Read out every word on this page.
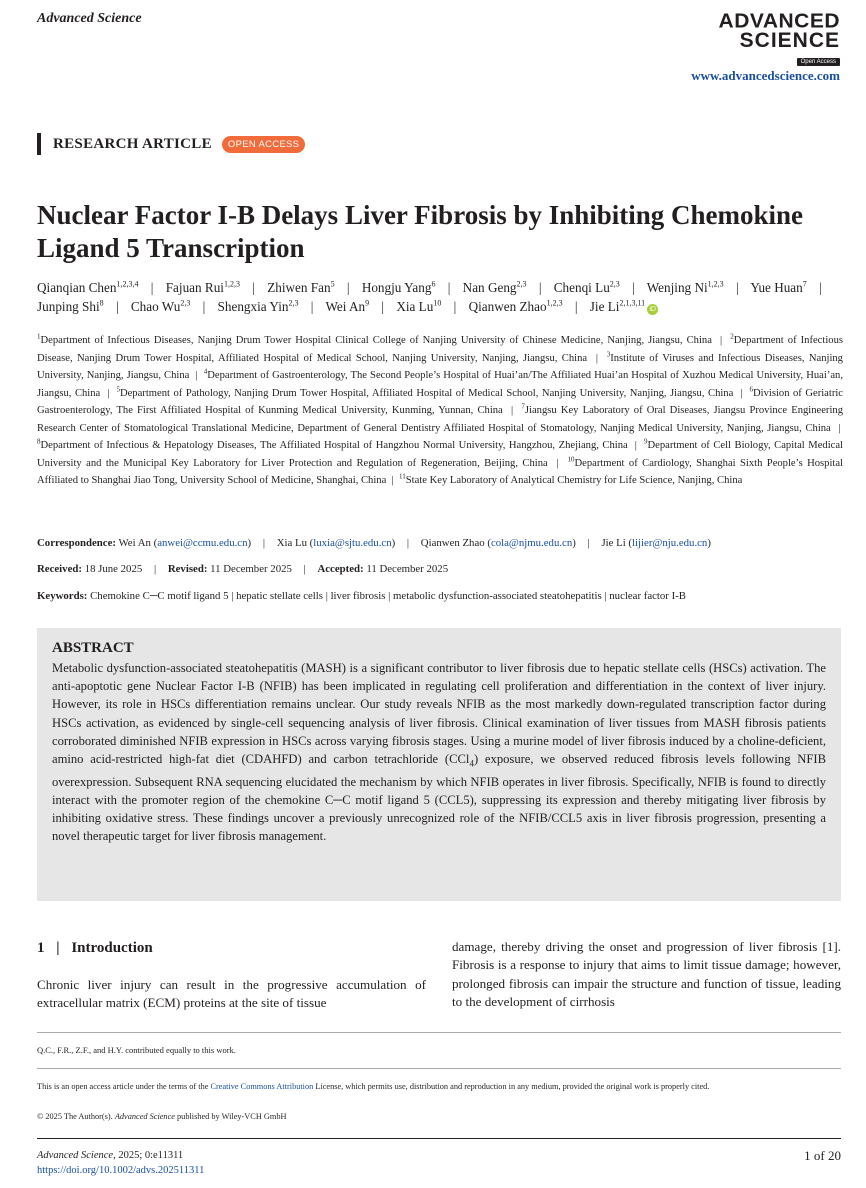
Advanced Science	ADVANCED
SCIENCE
Open Access
www.advancedscience.com
RESEARCH ARTICLE	OPEN ACCESS
Nuclear Factor I-B Delays Liver Fibrosis by Inhibiting Chemokine Ligand 5 Transcription
Qianqian Chen$^{1,2,3,4}$ | Fajuan Rui$^{1,2,3}$ | Zhiwen Fan$^5$ | Hongju Yang$^6$ | Nan Geng$^{2,3}$ | Chenqi Lu$^{2,3}$ | Wenjing Ni$^{1,2,3}$ | Yue Huan$^7$ | Junping Shi$^8$ | Chao Wu$^{2,3}$ | Shengxia Yin$^{2,3}$ | Wei An$^9$ | Xia Lu$^{10}$ | Qianwen Zhao$^{1,2,3}$ | Jie Li$^{2,1,3,11}$iD
$^1$Department of Infectious Diseases, Nanjing Drum Tower Hospital Clinical College of Nanjing University of Chinese Medicine, Nanjing, Jiangsu, China  |  $^2$Department of Infectious Disease, Nanjing Drum Tower Hospital, Affiliated Hospital of Medical School, Nanjing University, Nanjing, Jiangsu, China  |  $^3$Institute of Viruses and Infectious Diseases, Nanjing University, Nanjing, Jiangsu, China  |  $^4$Department of Gastroenterology, The Second People’s Hospital of Huai’an/The Affiliated Huai’an Hospital of Xuzhou Medical University, Huai’an, Jiangsu, China  |  $^5$Department of Pathology, Nanjing Drum Tower Hospital, Affiliated Hospital of Medical School, Nanjing University, Nanjing, Jiangsu, China  |  $^6$Division of Geriatric Gastroenterology, The First Affiliated Hospital of Kunming Medical University, Kunming, Yunnan, China  |  $^7$Jiangsu Key Laboratory of Oral Diseases, Jiangsu Province Engineering Research Center of Stomatological Translational Medicine, Department of General Dentistry Affiliated Hospital of Stomatology, Nanjing Medical University, Nanjing, Jiangsu, China  |  $^8$Department of Infectious & Hepatology Diseases, The Affiliated Hospital of Hangzhou Normal University, Hangzhou, Zhejiang, China  |  $^9$Department of Cell Biology, Capital Medical University and the Municipal Key Laboratory for Liver Protection and Regulation of Regeneration, Beijing, China  |  $^{10}$Department of Cardiology, Shanghai Sixth People’s Hospital Affiliated to Shanghai Jiao Tong, University School of Medicine, Shanghai, China  |  $^{11}$State Key Laboratory of Analytical Chemistry for Life Science, Nanjing, China
Correspondence: Wei An (anwei@ccmu.edu.cn) | Xia Lu (luxia@sjtu.edu.cn) | Qianwen Zhao (cola@njmu.edu.cn) | Jie Li (lijier@nju.edu.cn)
Received: 18 June 2025 | Revised: 11 December 2025 | Accepted: 11 December 2025
Keywords: Chemokine C─C motif ligand 5 | hepatic stellate cells | liver fibrosis | metabolic dysfunction-associated steatohepatitis | nuclear factor I-B
ABSTRACT
Metabolic dysfunction-associated steatohepatitis (MASH) is a significant contributor to liver fibrosis due to hepatic stellate cells (HSCs) activation. The anti-apoptotic gene Nuclear Factor I-B (NFIB) has been implicated in regulating cell proliferation and differentiation in the context of liver injury. However, its role in HSCs differentiation remains unclear. Our study reveals NFIB as the most markedly down-regulated transcription factor during HSCs activation, as evidenced by single-cell sequencing analysis of liver fibrosis. Clinical examination of liver tissues from MASH fibrosis patients corroborated diminished NFIB expression in HSCs across varying fibrosis stages. Using a murine model of liver fibrosis induced by a choline-deficient, amino acid-restricted high-fat diet (CDAHFD) and carbon tetrachloride (CCl$_4$) exposure, we observed reduced fibrosis levels following NFIB overexpression. Subsequent RNA sequencing elucidated the mechanism by which NFIB operates in liver fibrosis. Specifically, NFIB is found to directly interact with the promoter region of the chemokine C─C motif ligand 5 (CCL5), suppressing its expression and thereby mitigating liver fibrosis by inhibiting oxidative stress. These findings uncover a previously unrecognized role of the NFIB/CCL5 axis in liver fibrosis progression, presenting a novel therapeutic target for liver fibrosis management.
1 | Introduction
Chronic liver injury can result in the progressive accumulation of extracellular matrix (ECM) proteins at the site of tissue
damage, thereby driving the onset and progression of liver fibrosis [1]. Fibrosis is a response to injury that aims to limit tissue damage; however, prolonged fibrosis can impair the structure and function of tissue, leading to the development of cirrhosis
Q.C., F.R., Z.F., and H.Y. contributed equally to this work.
This is an open access article under the terms of the Creative Commons Attribution License, which permits use, distribution and reproduction in any medium, provided the original work is properly cited.
© 2025 The Author(s). Advanced Science published by Wiley-VCH GmbH
Advanced Science, 2025; 0:e11311
https://doi.org/10.1002/advs.202511311
1 of 20
